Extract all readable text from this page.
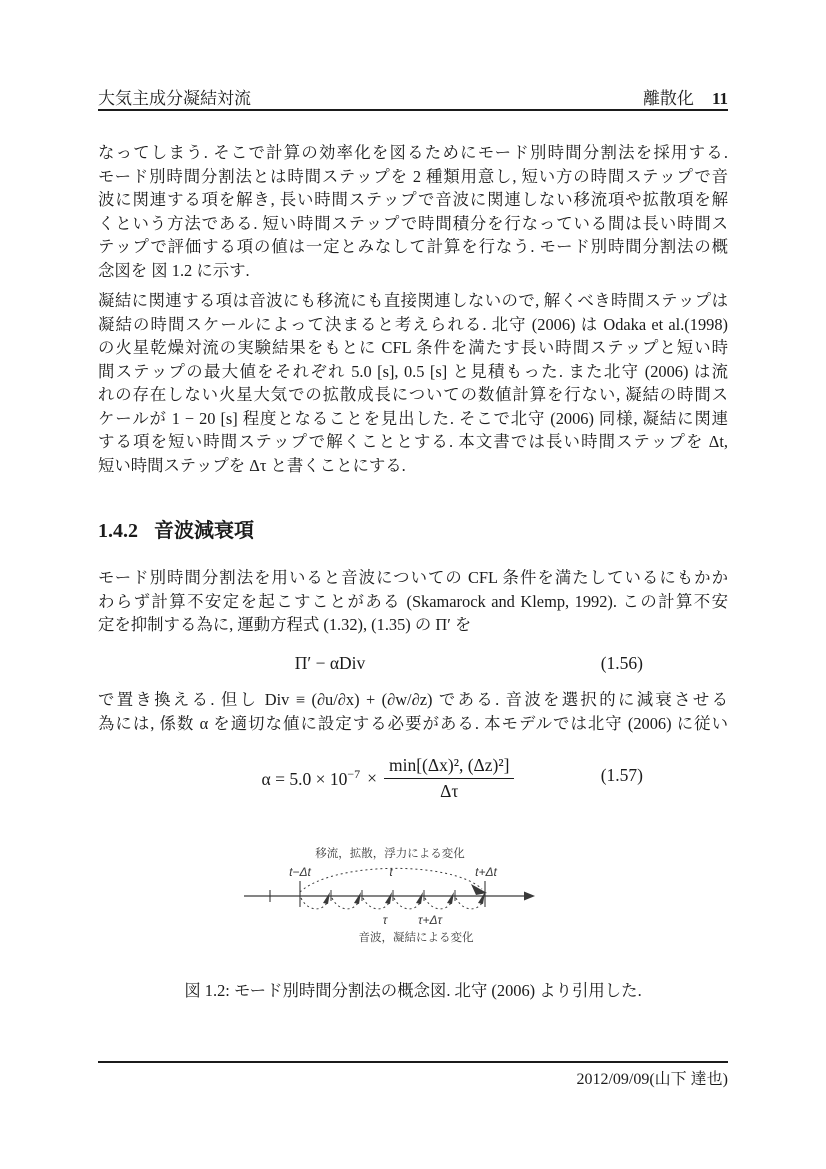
大気主成分凝結対流	離散化 11
なってしまう. そこで計算の効率化を図るためにモード別時間分割法を採用する.
モード別時間分割法とは時間ステップを 2 種類用意し, 短い方の時間ステップで音
波に関連する項を解き, 長い時間ステップで音波に関連しない移流項や拡散項を解
くという方法である. 短い時間ステップで時間積分を行なっている間は長い時間ス
テップで評価する項の値は一定とみなして計算を行なう. モード別時間分割法の概
念図を 図 1.2 に示す.
凝結に関連する項は音波にも移流にも直接関連しないので, 解くべき時間ステップは
凝結の時間スケールによって決まると考えられる. 北守 (2006) は Odaka et al.(1998)
の火星乾燥対流の実験結果をもとに CFL 条件を満たす長い時間ステップと短い時
間ステップの最大値をそれぞれ 5.0 [s], 0.5 [s] と見積もった. また北守 (2006) は流
れの存在しない火星大気での拡散成長についての数値計算を行ない, 凝結の時間ス
ケールが 1 − 20 [s] 程度となることを見出した. そこで北守 (2006) 同様, 凝結に関連
する項を短い時間ステップで解くこととする. 本文書では長い時間ステップを Δt,
短い時間ステップを Δτ と書くことにする.
1.4.2 音波減衰項
モード別時間分割法を用いると音波についての CFL 条件を満たしているにもかか
わらず計算不安定を起こすことがある (Skamarock and Klemp, 1992). この計算不安
定を抑制する為に, 運動方程式 (1.32), (1.35) の Π′ を
Π′ − αDiv	(1.56)
で置き換える. 但し Div ≡ (∂u/∂x) + (∂w/∂z) である. 音波を選択的に減衰させる
為には, 係数 α を適切な値に設定する必要がある. 本モデルでは北守 (2006) に従い
$\alpha = 5.0 \times 10^{-7} \times \frac{\text{min[(Δx)², (Δz)²]}}{\Delta\tau}$	(1.57)
移流，拡散，浮力による変化
t−Δt	t	t+Δt
τ	τ+Δτ
音波，凝結による変化
図 1.2: モード別時間分割法の概念図. 北守 (2006) より引用した.
2012/09/09(山下 達也)
